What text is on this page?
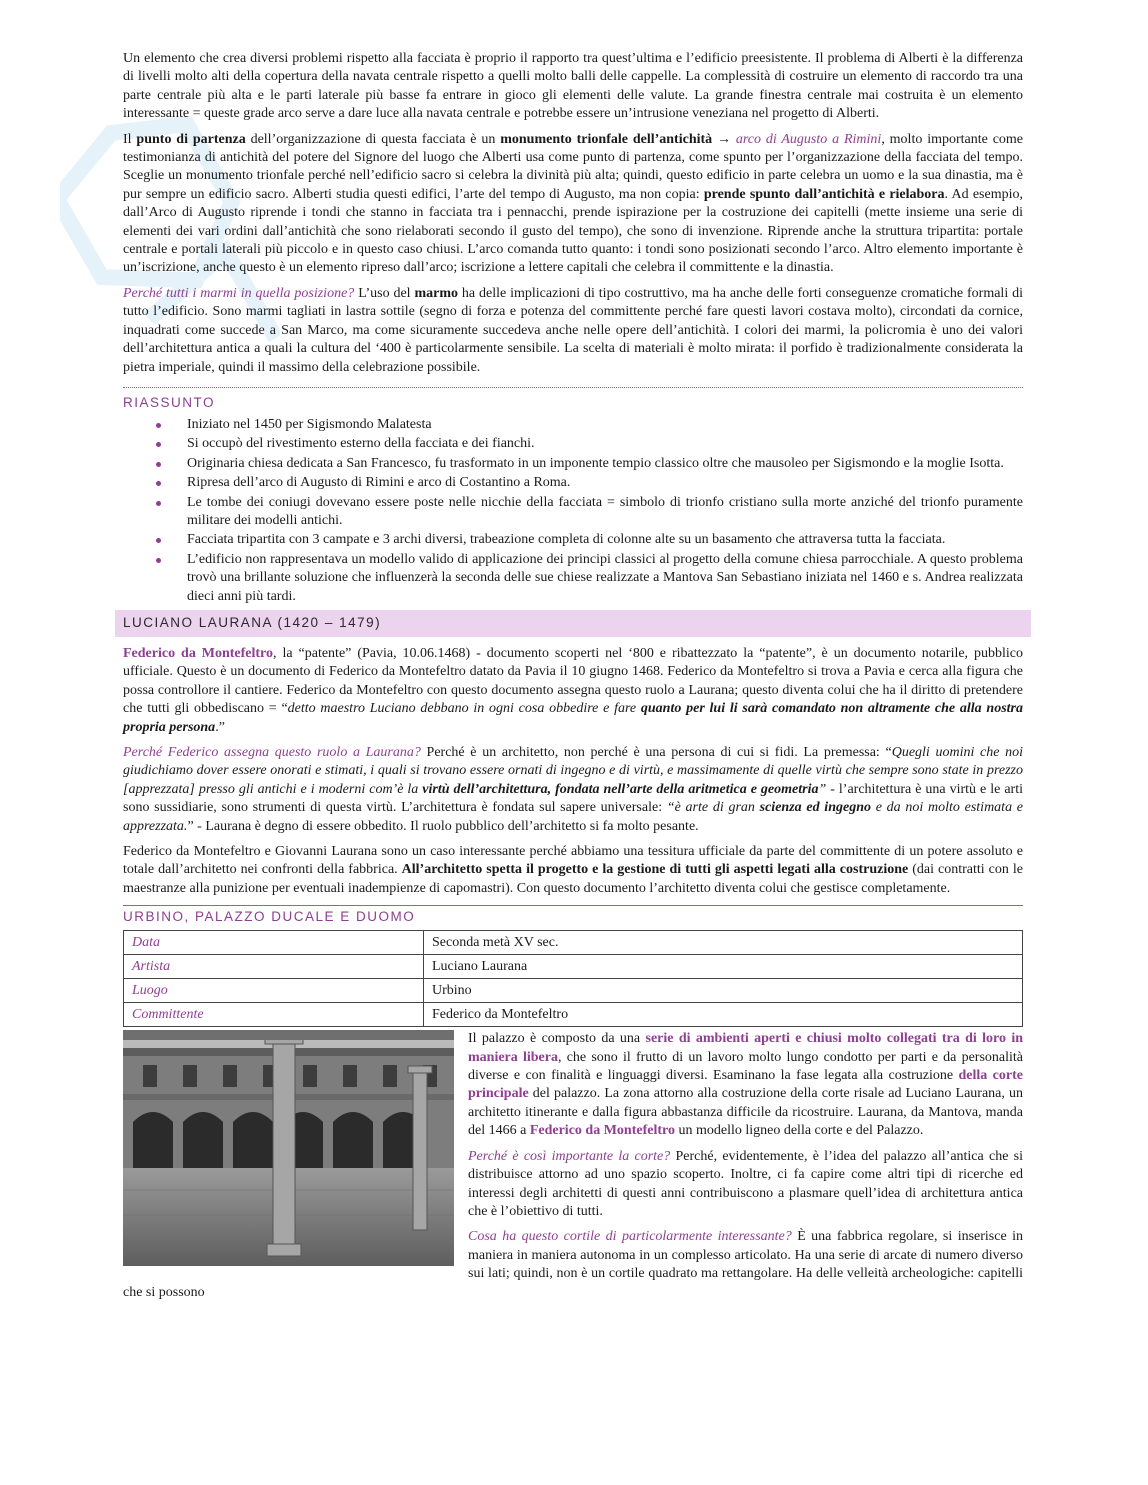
Un elemento che crea diversi problemi rispetto alla facciata è proprio il rapporto tra quest’ultima e l’edificio preesistente. Il problema di Alberti è la differenza di livelli molto alti della copertura della navata centrale rispetto a quelli molto balli delle cappelle. La complessità di costruire un elemento di raccordo tra una parte centrale più alta e le parti laterale più basse fa entrare in gioco gli elementi delle valute. La grande finestra centrale mai costruita è un elemento interessante = queste grade arco serve a dare luce alla navata centrale e potrebbe essere un’intrusione veneziana nel progetto di Alberti.

Il punto di partenza dell’organizzazione di questa facciata è un monumento trionfale dell’antichità → arco di Augusto a Rimini, molto importante come testimonianza di antichità del potere del Signore del luogo che Alberti usa come punto di partenza, come spunto per l’organizzazione della facciata del tempo. Sceglie un monumento trionfale perché nell’edificio sacro si celebra la divinità più alta; quindi, questo edificio in parte celebra un uomo e la sua dinastia, ma è pur sempre un edificio sacro. Alberti studia questi edifici, l’arte del tempo di Augusto, ma non copia: prende spunto dall’antichità e rielabora. Ad esempio, dall’Arco di Augusto riprende i tondi che stanno in facciata tra i pennacchi, prende ispirazione per la costruzione dei capitelli (mette insieme una serie di elementi dei vari ordini dall’antichità che sono rielaborati secondo il gusto del tempo), che sono di invenzione. Riprende anche la struttura tripartita: portale centrale e portali laterali più piccolo e in questo caso chiusi. L’arco comanda tutto quanto: i tondi sono posizionati secondo l’arco. Altro elemento importante è un’iscrizione, anche questo è un elemento ripreso dall’arco; iscrizione a lettere capitali che celebra il committente e la dinastia.

Perché tutti i marmi in quella posizione? L’uso del marmo ha delle implicazioni di tipo costruttivo, ma ha anche delle forti conseguenze cromatiche formali di tutto l’edificio. Sono marmi tagliati in lastra sottile (segno di forza e potenza del committente perché fare questi lavori costava molto), circondati da cornice, inquadrati come succede a San Marco, ma come sicuramente succedeva anche nelle opere dell’antichità. I colori dei marmi, la policromia è uno dei valori dell’architettura antica a quali la cultura del ‘400 è particolarmente sensibile. La scelta di materiali è molto mirata: il porfido è tradizionalmente considerata la pietra imperiale, quindi il massimo della celebrazione possibile.

RIASSUNTO
Iniziato nel 1450 per Sigismondo Malatesta
Si occupò del rivestimento esterno della facciata e dei fianchi.
Originaria chiesa dedicata a San Francesco, fu trasformato in un imponente tempio classico oltre che mausoleo per Sigismondo e la moglie Isotta.
Ripresa dell’arco di Augusto di Rimini e arco di Costantino a Roma.
Le tombe dei coniugi dovevano essere poste nelle nicchie della facciata = simbolo di trionfo cristiano sulla morte anziché del trionfo puramente militare dei modelli antichi.
Facciata tripartita con 3 campate e 3 archi diversi, trabeazione completa di colonne alte su un basamento che attraversa tutta la facciata.
L’edificio non rappresentava un modello valido di applicazione dei principi classici al progetto della comune chiesa parrocchiale. A questo problema trovò una brillante soluzione che influenzerà la seconda delle sue chiese realizzate a Mantova San Sebastiano iniziata nel 1460 e s. Andrea realizzata dieci anni più tardi.
LUCIANO LAURANA (1420 – 1479)

Federico da Montefeltro, la “patente” (Pavia, 10.06.1468) - documento scoperti nel ‘800 e ribattezzato la “patente”, è un documento notarile, pubblico ufficiale. Questo è un documento di Federico da Montefeltro datato da Pavia il 10 giugno 1468. Federico da Montefeltro si trova a Pavia e cerca alla figura che possa controllore il cantiere. Federico da Montefeltro con questo documento assegna questo ruolo a Laurana; questo diventa colui che ha il diritto di pretendere che tutti gli obbediscano = “detto maestro Luciano debbano in ogni cosa obbedire e fare quanto per lui li sarà comandato non altramente che alla nostra propria persona.”

Perché Federico assegna questo ruolo a Laurana? Perché è un architetto, non perché è una persona di cui si fidi. La premessa: “Quegli uomini che noi giudichiamo dover essere onorati e stimati, i quali si trovano essere ornati di ingegno e di virtù, e massimamente di quelle virtù che sempre sono state in prezzo [apprezzata] presso gli antichi e i moderni com’è la virtù dell’architettura, fondata nell’arte della aritmetica e geometria” - l’architettura è una virtù e le arti sono sussidiarie, sono strumenti di questa virtù. L’architettura è fondata sul sapere universale: “è arte di gran scienza ed ingegno e da noi molto estimata e apprezzata.” - Laurana è degno di essere obbedito. Il ruolo pubblico dell’architetto si fa molto pesante.

Federico da Montefeltro e Giovanni Laurana sono un caso interessante perché abbiamo una tessitura ufficiale da parte del committente di un potere assoluto e totale dall’architetto nei confronti della fabbrica. All’architetto spetta il progetto e la gestione di tutti gli aspetti legati alla costruzione (dai contratti con le maestranze alla punizione per eventuali inadempienze di capomastri). Con questo documento l’architetto diventa colui che gestisce completamente.

URBINO, PALAZZO DUCALE E DUOMO
Data	Seconda metà XV sec.
Artista	Luciano Laurana
Luogo	Urbino
Committente	Federico da Montefeltro

Il palazzo è composto da una serie di ambienti aperti e chiusi molto collegati tra di loro in maniera libera, che sono il frutto di un lavoro molto lungo condotto per parti e da personalità diverse e con finalità e linguaggi diversi. Esaminano la fase legata alla costruzione della corte principale del palazzo. La zona attorno alla costruzione della corte risale ad Luciano Laurana, un architetto itinerante e dalla figura abbastanza difficile da ricostruire. Laurana, da Mantova, manda del 1466 a Federico da Montefeltro un modello ligneo della corte e del Palazzo.

Perché è così importante la corte? Perché, evidentemente, è l’idea del palazzo all’antica che si distribuisce attorno ad uno spazio scoperto. Inoltre, ci fa capire come altri tipi di ricerche ed interessi degli architetti di questi anni contribuiscono a plasmare quell’idea di architettura antica che è l’obiettivo di tutti.

Cosa ha questo cortile di particolarmente interessante? È una fabbrica regolare, si inserisce in maniera in maniera autonoma in un complesso articolato. Ha una serie di arcate di numero diverso sui lati; quindi, non è un cortile quadrato ma rettangolare. Ha delle velleità archeologiche: capitelli che si possono
